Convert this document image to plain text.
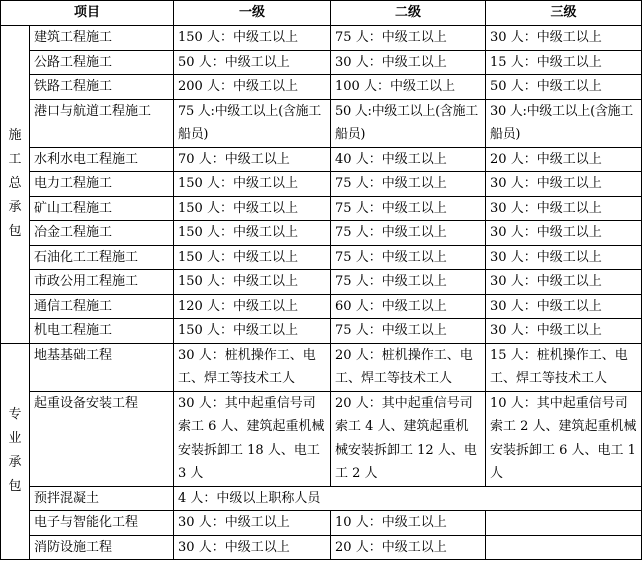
项目		一级	二级	三级

施
工
总
承
包	建筑工程施工	150 人：中级工以上	75 人：中级工以上	30 人：中级工以上
	公路工程施工	50 人：中级工以上	30 人：中级工以上	15 人：中级工以上
	铁路工程施工	200 人：中级工以上	100 人：中级工以上	50 人：中级工以上
	港口与航道工程施工	75 人:中级工以上(含施工船员)	50 人:中级工以上(含施工船员)	30 人:中级工以上(含施工船员)
	水利水电工程施工	70 人：中级工以上	40 人：中级工以上	20 人：中级工以上
	电力工程施工	150 人：中级工以上	75 人：中级工以上	30 人：中级工以上
	矿山工程施工	150 人：中级工以上	75 人：中级工以上	30 人：中级工以上
	冶金工程施工	150 人：中级工以上	75 人：中级工以上	30 人：中级工以上
	石油化工工程施工	150 人：中级工以上	75 人：中级工以上	30 人：中级工以上
	市政公用工程施工	150 人：中级工以上	75 人：中级工以上	30 人：中级工以上
	通信工程施工	120 人：中级工以上	60 人：中级工以上	30 人：中级工以上
	机电工程施工	150 人：中级工以上	75 人：中级工以上	30 人：中级工以上

专
业
承
包	地基基础工程	30 人：桩机操作工、电工、焊工等技术工人	20 人：桩机操作工、电工、焊工等技术工人	15 人：桩机操作工、电工、焊工等技术工人
	起重设备安装工程	30 人：其中起重信号司索工 6 人、建筑起重机械安装拆卸工 18 人、电工 3 人	20 人：其中起重信号司索工 4 人、建筑起重机械安装拆卸工 12 人、电工 2 人	10 人：其中起重信号司索工 2 人、建筑起重机械安装拆卸工 6 人、电工 1 人
	预拌混凝土	4 人：中级以上职称人员		
	电子与智能化工程	30 人：中级工以上	10 人：中级工以上	
	消防设施工程	30 人：中级工以上	20 人：中级工以上	
